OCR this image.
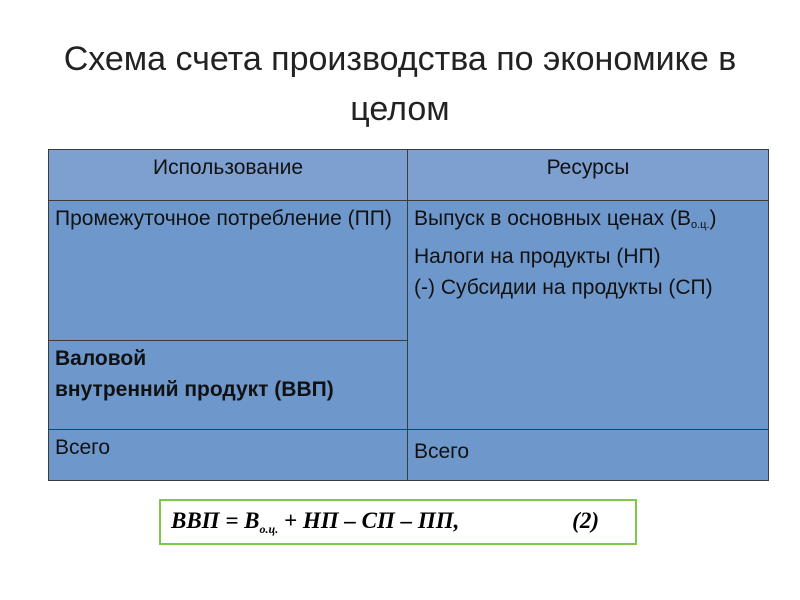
Схема счета производства по экономике в целом
Использование	Ресурсы

Промежуточное потребление (ПП)	Выпуск в основных ценах $(В_{о.ц.})$
Налоги на продукты (НП)
(-) Субсидии на продукты (СП)

Валовой
внутренний продукт (ВВП)	

Всего	Всего
ВВП = $В_{о.ц.}$ + НП – СП – ПП,	(2)
